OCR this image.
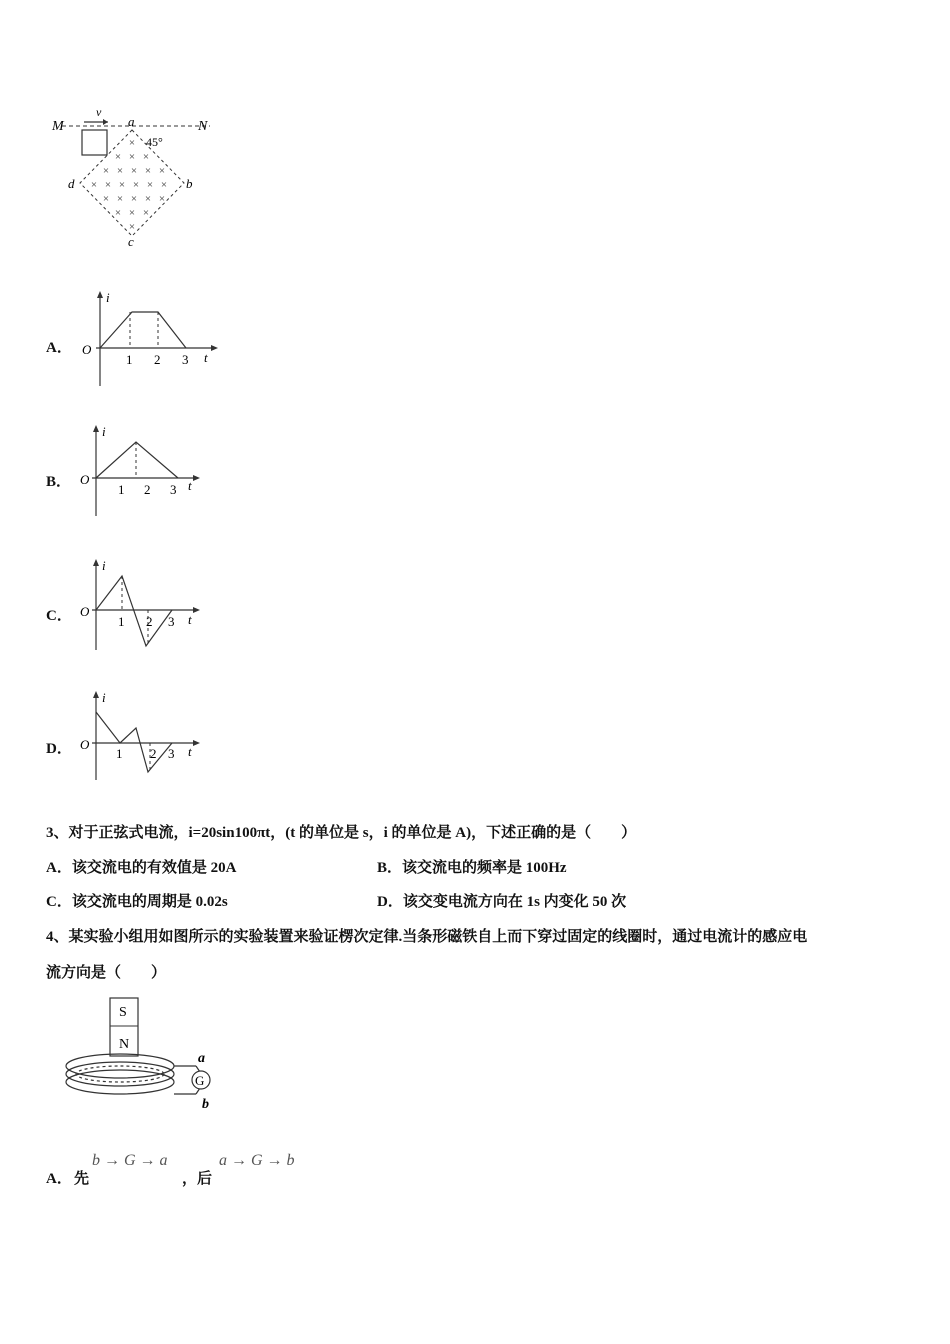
M	N
v
a
45°
×
× × ×
× × × × ×
× × × × × ×
× × × × ×
× × ×
×
d	b
c
A．
i
t
O
1 2 3
B．
i
t
O
1 2 3
C．
i
t
O
1 2 3
D．
i
t
O
1 2 3
3、对于正弦式电流，i=20sin100πt，(t 的单位是 s，i 的单位是 A)，下述正确的是（　　）
A．该交流电的有效值是 20A	B．该交流电的频率是 100Hz
C．该交流电的周期是 0.02s	D．该交变电流方向在 1s 内变化 50 次
4、某实验小组用如图所示的实验装置来验证楞次定律.当条形磁铁自上而下穿过固定的线圈时，通过电流计的感应电
流方向是（　　）
S
N
G
a
b
A． 先
b → G → a
，后
a → G → b
